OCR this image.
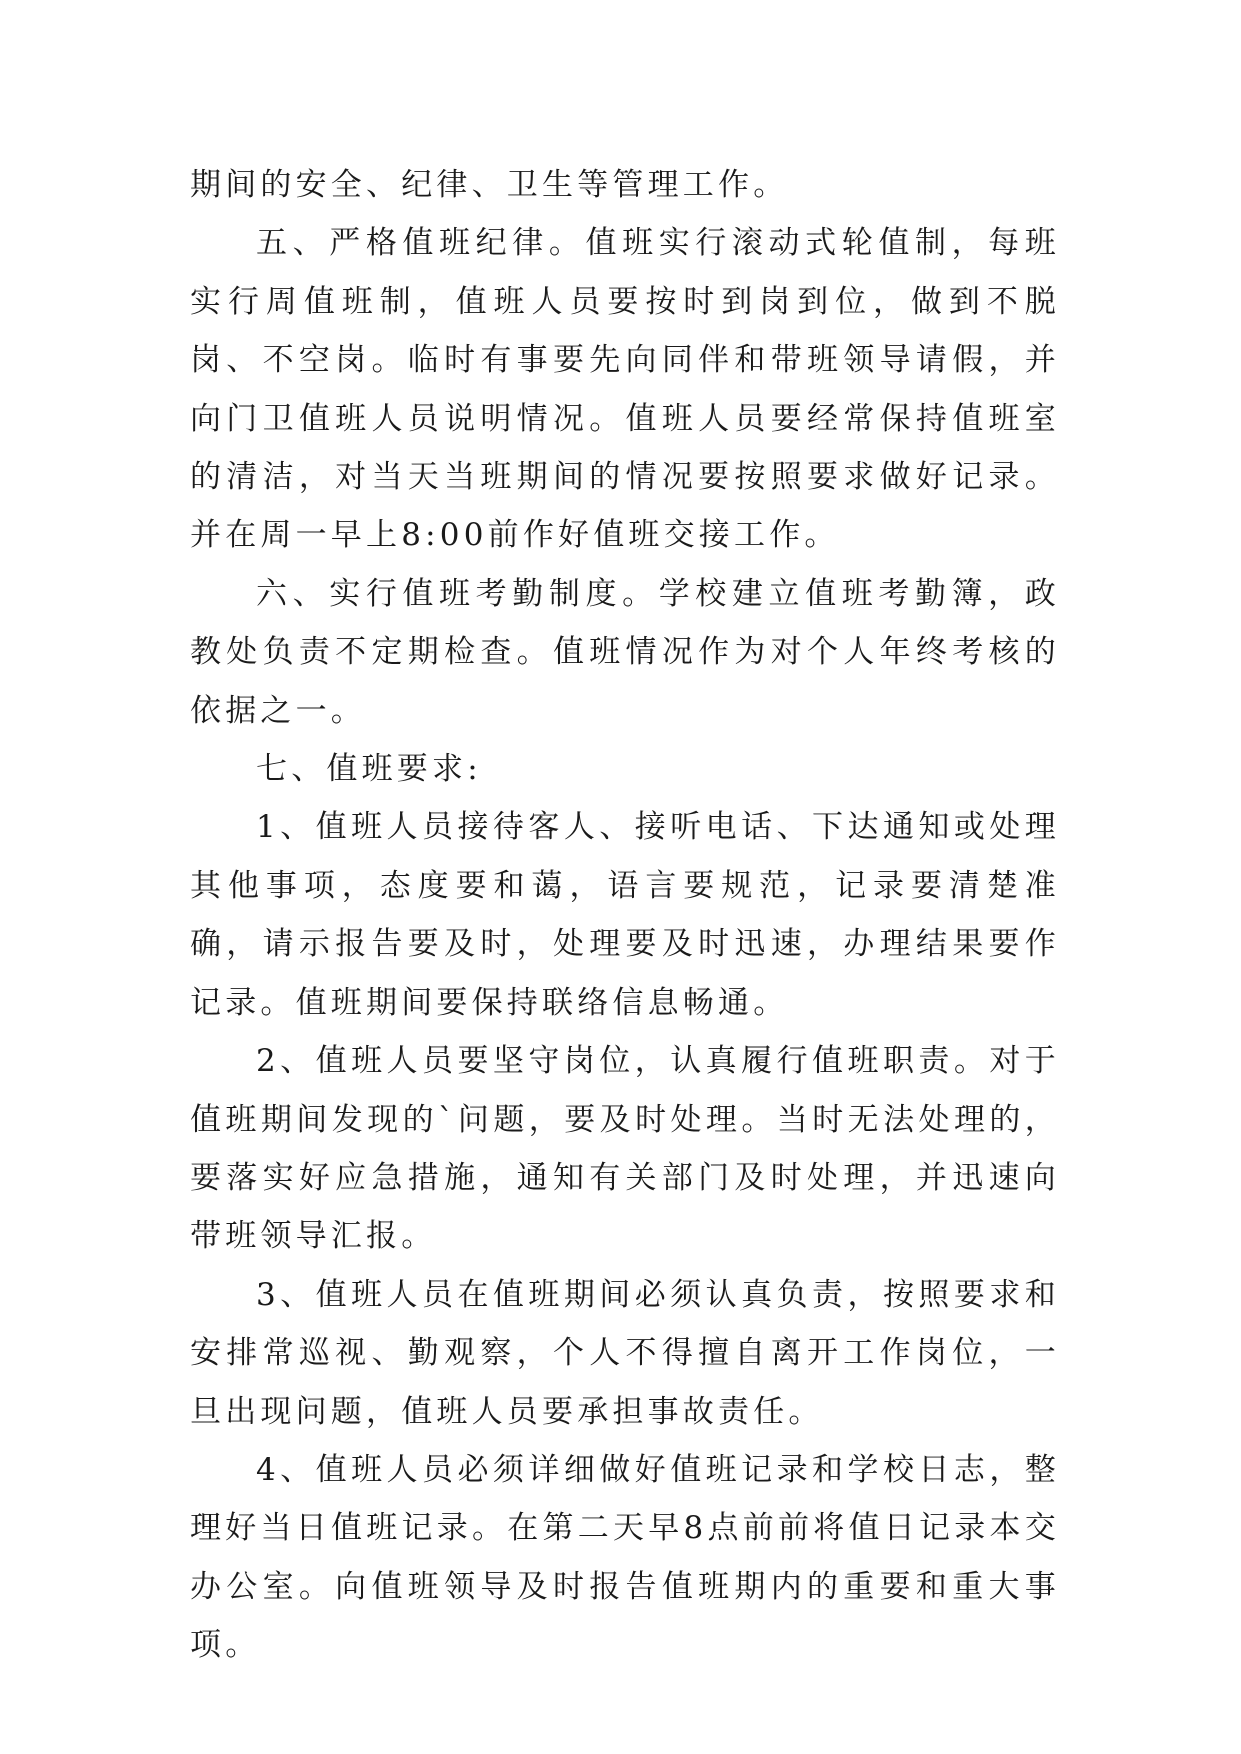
期间的安全、纪律、卫生等管理工作。

五、严格值班纪律。值班实行滚动式轮值制，每班实行周值班制，值班人员要按时到岗到位，做到不脱岗、不空岗。临时有事要先向同伴和带班领导请假，并向门卫值班人员说明情况。值班人员要经常保持值班室的清洁，对当天当班期间的情况要按照要求做好记录。并在周一早上8:00前作好值班交接工作。

六、实行值班考勤制度。学校建立值班考勤簿，政教处负责不定期检查。值班情况作为对个人年终考核的依据之一。

七、值班要求:

1、值班人员接待客人、接听电话、下达通知或处理其他事项，态度要和蔼，语言要规范，记录要清楚准确，请示报告要及时，处理要及时迅速，办理结果要作记录。值班期间要保持联络信息畅通。

2、值班人员要坚守岗位，认真履行值班职责。对于值班期间发现的`问题，要及时处理。当时无法处理的，要落实好应急措施，通知有关部门及时处理，并迅速向带班领导汇报。

3、值班人员在值班期间必须认真负责，按照要求和安排常巡视、勤观察，个人不得擅自离开工作岗位，一旦出现问题，值班人员要承担事故责任。

4、值班人员必须详细做好值班记录和学校日志，整理好当日值班记录。在第二天早8点前前将值日记录本交办公室。向值班领导及时报告值班期内的重要和重大事项。
